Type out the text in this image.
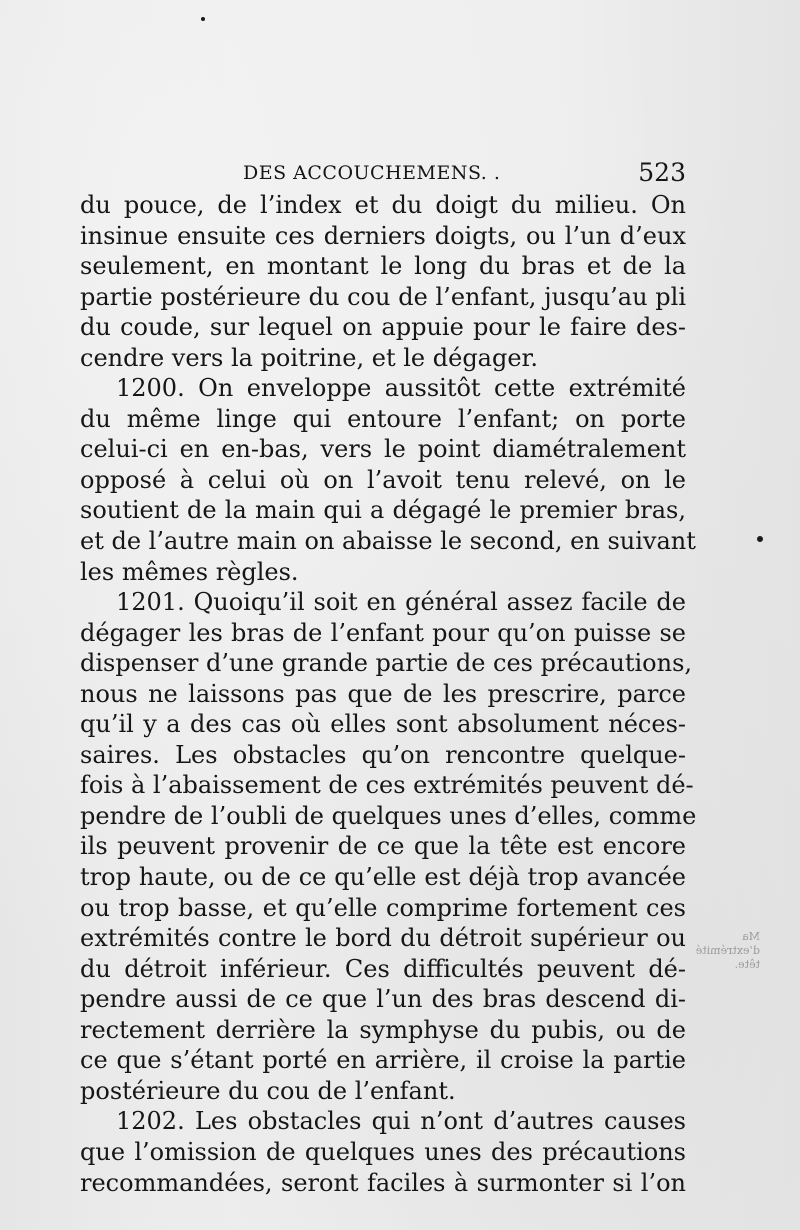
DES ACCOUCHEMENS. .	523
du pouce, de l’index et du doigt du milieu. On
insinue ensuite ces derniers doigts, ou l’un d’eux
seulement, en montant le long du bras et de la
partie postérieure du cou de l’enfant, jusqu’au pli
du coude, sur lequel on appuie pour le faire des-
cendre vers la poitrine, et le dégager.
1200. On enveloppe aussitôt cette extrémité
du même linge qui entoure l’enfant; on porte
celui-ci en en-bas, vers le point diamétralement
opposé à celui où on l’avoit tenu relevé, on le
soutient de la main qui a dégagé le premier bras,
et de l’autre main on abaisse le second, en suivant
les mêmes règles.
1201. Quoiqu’il soit en général assez facile de
dégager les bras de l’enfant pour qu’on puisse se
dispenser d’une grande partie de ces précautions,
nous ne laissons pas que de les prescrire, parce
qu’il y a des cas où elles sont absolument néces-
saires. Les obstacles qu’on rencontre quelque-
fois à l’abaissement de ces extrémités peuvent dé-
pendre de l’oubli de quelques unes d’elles, comme
ils peuvent provenir de ce que la tête est encore
trop haute, ou de ce qu’elle est déjà trop avancée
ou trop basse, et qu’elle comprime fortement ces
extrémités contre le bord du détroit supérieur ou
du détroit inférieur. Ces difficultés peuvent dé-
pendre aussi de ce que l’un des bras descend di-
rectement derrière la symphyse du pubis, ou de
ce que s’étant porté en arrière, il croise la partie
postérieure du cou de l’enfant.
1202. Les obstacles qui n’ont d’autres causes
que l’omission de quelques unes des précautions
recommandées, seront faciles à surmonter si l’on
Ma
d’extrémité
tête.
